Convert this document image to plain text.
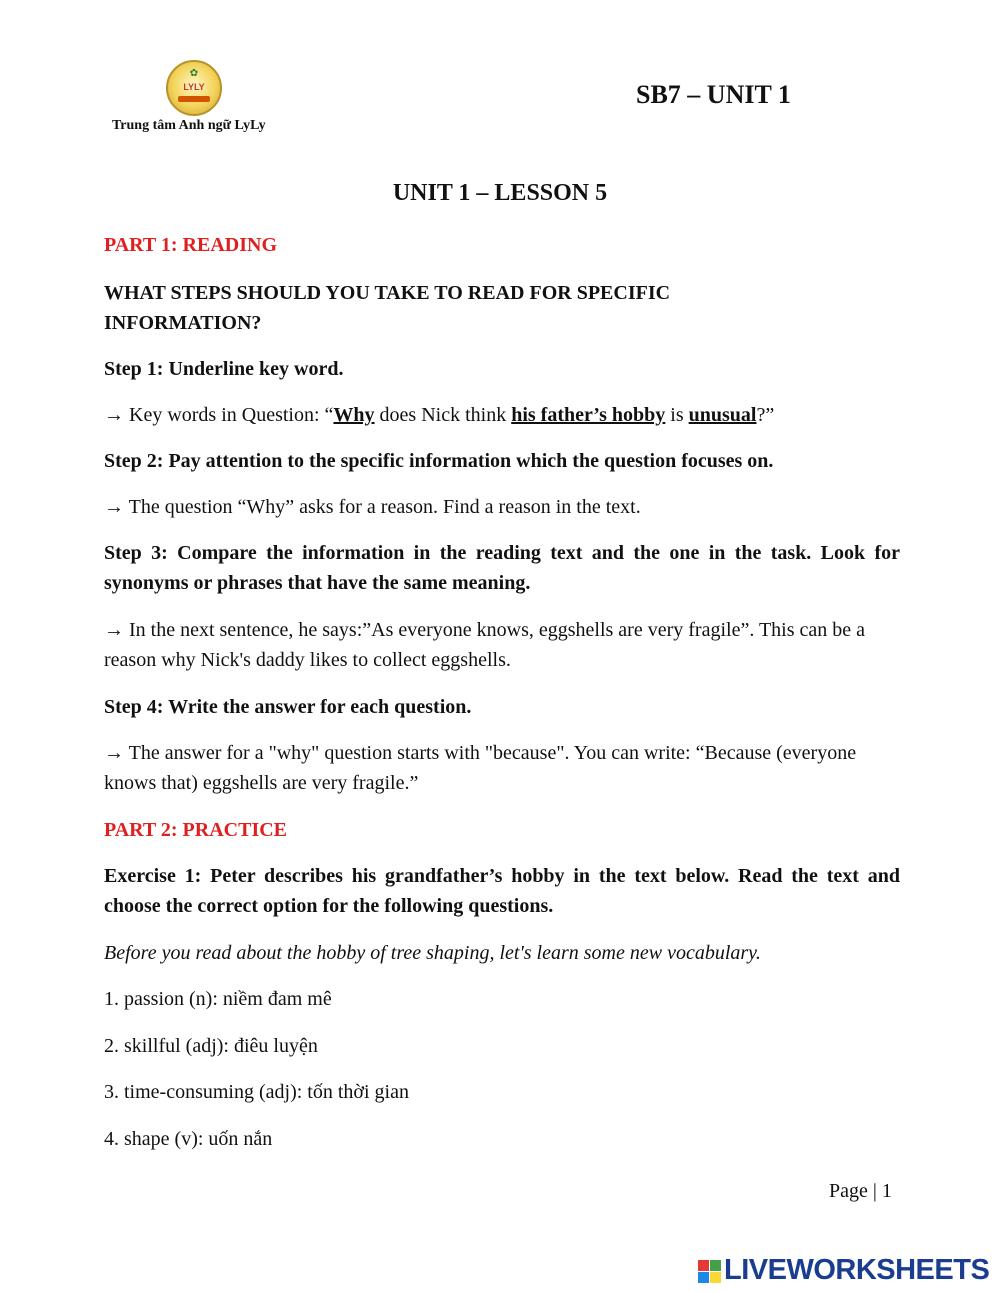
✿
LYLY
Trung tâm Anh ngữ LyLy
SB7 – UNIT 1
UNIT 1 – LESSON 5
PART 1: READING
WHAT STEPS SHOULD YOU TAKE TO READ FOR SPECIFIC INFORMATION?
Step 1: Underline key word.
→ Key words in Question: “Why does Nick think his father’s hobby is unusual?”
Step 2: Pay attention to the specific information which the question focuses on.
→ The question “Why” asks for a reason. Find a reason in the text.
Step 3: Compare the information in the reading text and the one in the task. Look for synonyms or phrases that have the same meaning.
→ In the next sentence, he says:”As everyone knows, eggshells are very fragile”. This can be a reason why Nick's daddy likes to collect eggshells.
Step 4: Write the answer for each question.
→ The answer for a "why" question starts with "because". You can write: “Because (everyone knows that) eggshells are very fragile.”
PART 2: PRACTICE
Exercise 1: Peter describes his grandfather’s hobby in the text below. Read the text and choose the correct option for the following questions.
Before you read about the hobby of tree shaping, let's learn some new vocabulary.
1. passion (n): niềm đam mê
2. skillful (adj): điêu luyện
3. time-consuming (adj): tốn thời gian
4. shape (v): uốn nắn
Page | 1
LIVEWORKSHEETS
